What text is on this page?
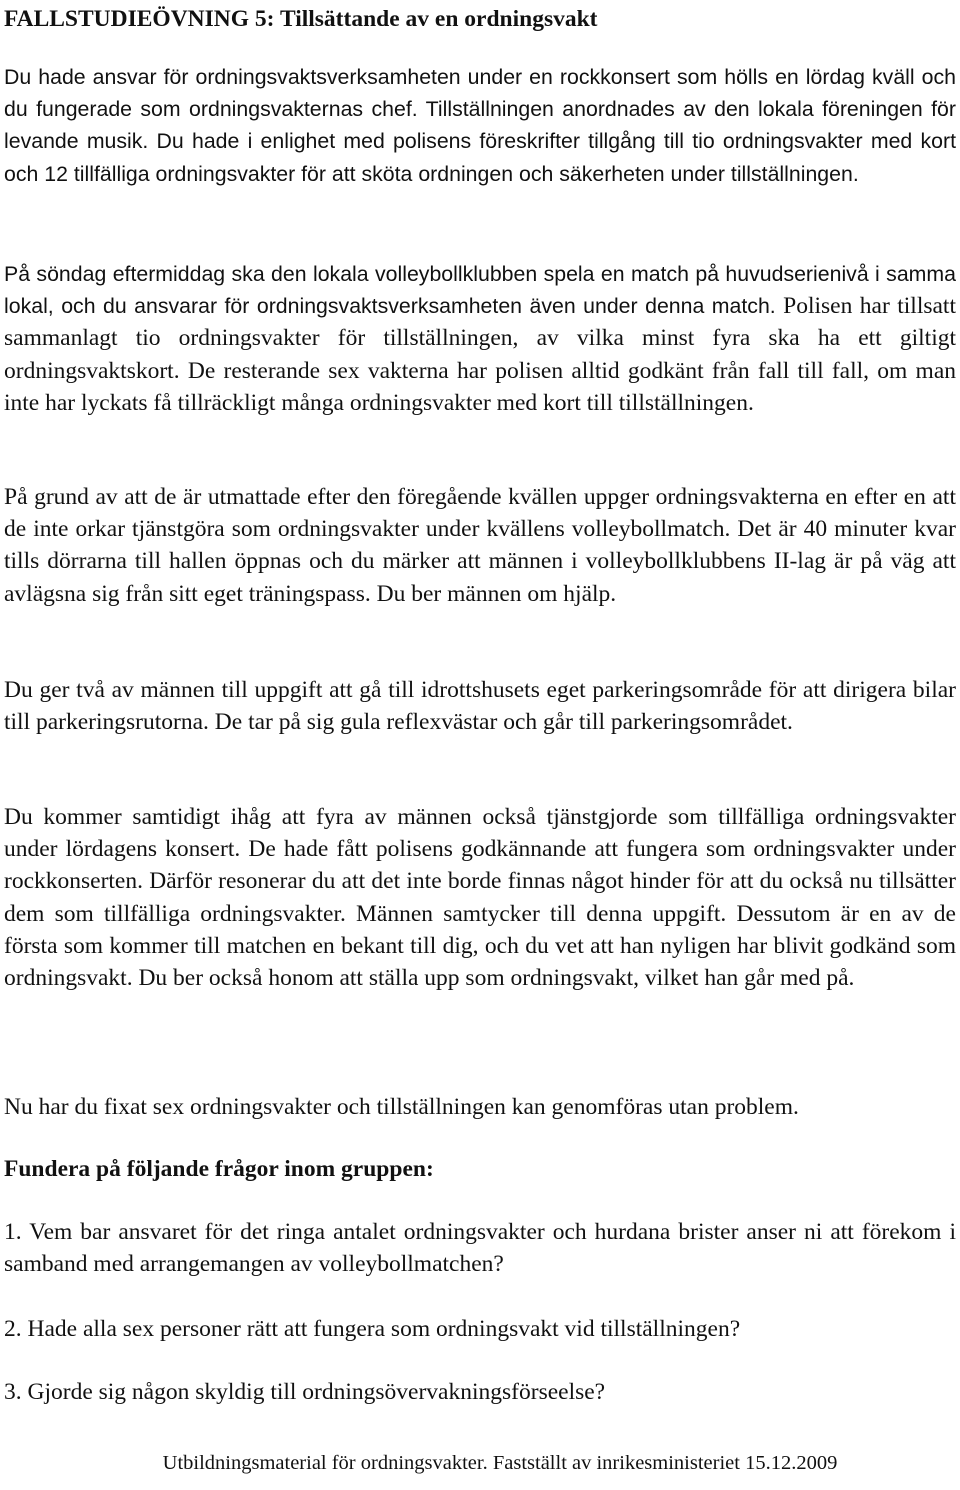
FALLSTUDIEÖVNING 5: Tillsättande av en ordningsvakt

Du hade ansvar för ordningsvaktsverksamheten under en rockkonsert som hölls en lördag kväll och du fungerade som ordningsvakternas chef. Tillställningen anordnades av den lokala föreningen för levande musik. Du hade i enlighet med polisens föreskrifter tillgång till tio ordningsvakter med kort och 12 tillfälliga ordningsvakter för att sköta ordningen och säkerheten under tillställningen.

På söndag eftermiddag ska den lokala volleybollklubben spela en match på huvudserienivå i samma lokal, och du ansvarar för ordningsvaktsverksamheten även under denna match. Polisen har tillsatt sammanlagt tio ordningsvakter för tillställningen, av vilka minst fyra ska ha ett giltigt ordningsvaktskort. De resterande sex vakterna har polisen alltid godkänt från fall till fall, om man inte har lyckats få tillräckligt många ordningsvakter med kort till tillställningen.

På grund av att de är utmattade efter den föregående kvällen uppger ordningsvakterna en efter en att de inte orkar tjänstgöra som ordningsvakter under kvällens volleybollmatch. Det är 40 minuter kvar tills dörrarna till hallen öppnas och du märker att männen i volleybollklubbens II-lag är på väg att avlägsna sig från sitt eget träningspass. Du ber männen om hjälp.

Du ger två av männen till uppgift att gå till idrottshusets eget parkeringsområde för att dirigera bilar till parkeringsrutorna. De tar på sig gula reflexvästar och går till parkeringsområdet.

Du kommer samtidigt ihåg att fyra av männen också tjänstgjorde som tillfälliga ordningsvakter under lördagens konsert. De hade fått polisens godkännande att fungera som ordningsvakter under rockkonserten. Därför resonerar du att det inte borde finnas något hinder för att du också nu tillsätter dem som tillfälliga ordningsvakter. Männen samtycker till denna uppgift. Dessutom är en av de första som kommer till matchen en bekant till dig, och du vet att han nyligen har blivit godkänd som ordningsvakt. Du ber också honom att ställa upp som ordningsvakt, vilket han går med på.

Nu har du fixat sex ordningsvakter och tillställningen kan genomföras utan problem.

Fundera på följande frågor inom gruppen:

1. Vem bar ansvaret för det ringa antalet ordningsvakter och hurdana brister anser ni att förekom i samband med arrangemangen av volleybollmatchen?

2. Hade alla sex personer rätt att fungera som ordningsvakt vid tillställningen?

3. Gjorde sig någon skyldig till ordningsövervakningsförseelse?

Utbildningsmaterial för ordningsvakter. Fastställt av inrikesministeriet 15.12.2009
